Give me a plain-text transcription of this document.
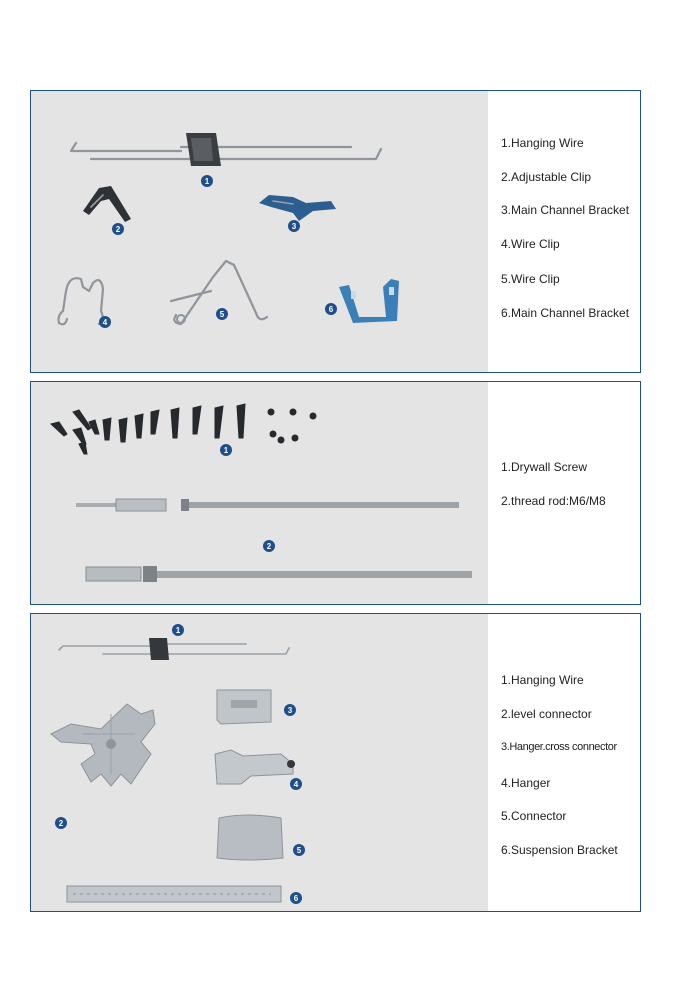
1
2	3
4
5
6
1.Hanging Wire
2.Adjustable Clip
3.Main Channel Bracket
4.Wire Clip
5.Wire Clip
6.Main Channel Bracket
1
2
1.Drywall Screw
2.thread rod:M6/M8
1
2
3
4
5
6
1.Hanging Wire
2.level connector
3.Hanger.cross connector
4.Hanger
5.Connector
6.Suspension Bracket
